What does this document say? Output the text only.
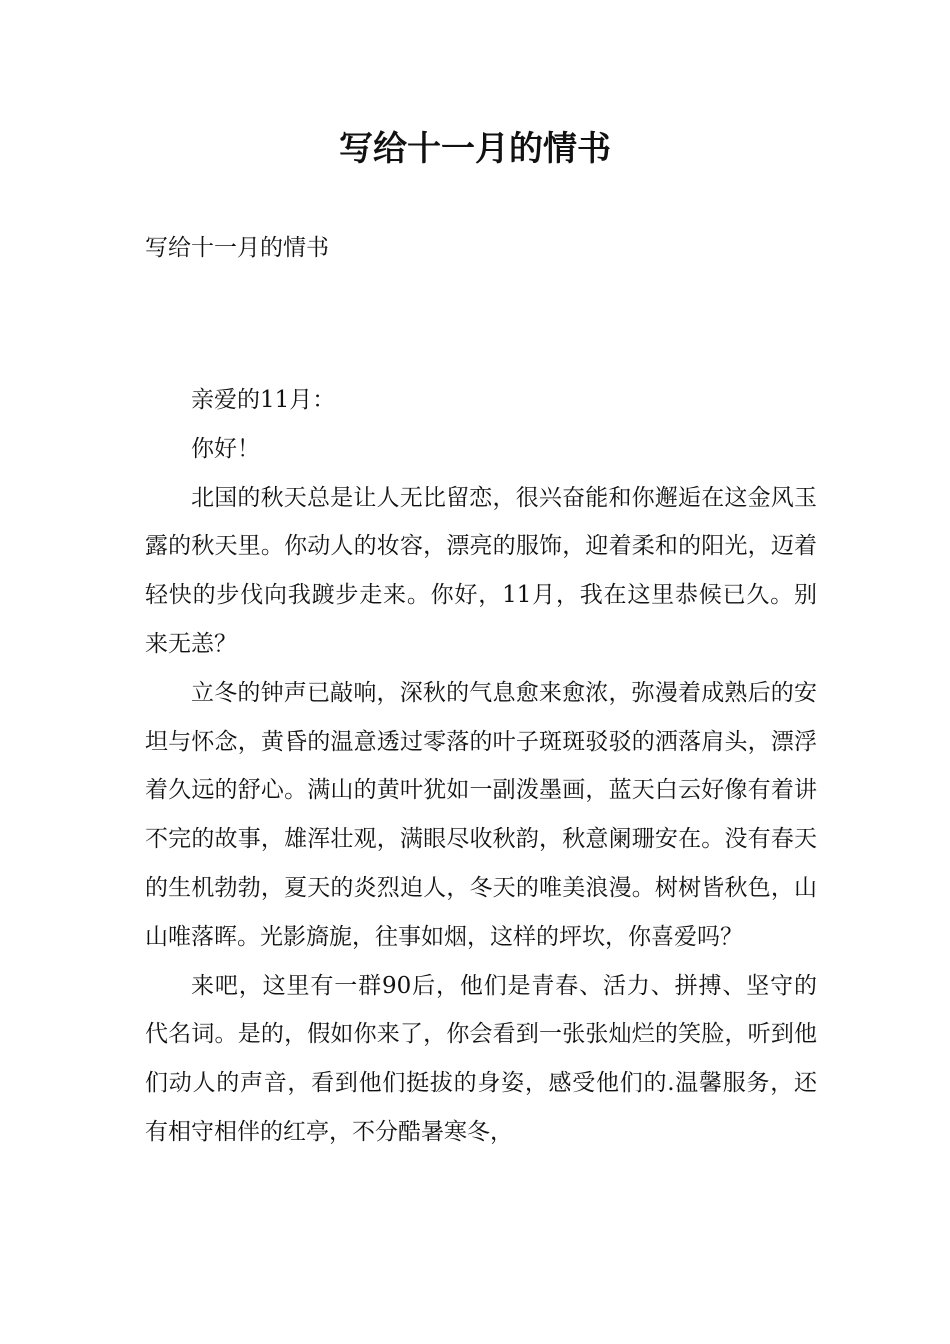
写给十一月的情书
写给十一月的情书

亲爱的11月：

你好！

北国的秋天总是让人无比留恋，很兴奋能和你邂逅在这金风玉露的秋天里。你动人的妆容，漂亮的服饰，迎着柔和的阳光，迈着轻快的步伐向我踱步走来。你好，11月，我在这里恭候已久。别来无恙？

立冬的钟声已敲响，深秋的气息愈来愈浓，弥漫着成熟后的安坦与怀念，黄昏的温意透过零落的叶子斑斑驳驳的洒落肩头，漂浮着久远的舒心。满山的黄叶犹如一副泼墨画，蓝天白云好像有着讲不完的故事，雄浑壮观，满眼尽收秋韵，秋意阑珊安在。没有春天的生机勃勃，夏天的炎烈迫人，冬天的唯美浪漫。树树皆秋色，山山唯落晖。光影旖旎，往事如烟，这样的坪坎，你喜爱吗？

来吧，这里有一群90后，他们是青春、活力、拼搏、坚守的代名词。是的，假如你来了，你会看到一张张灿烂的笑脸，听到他们动人的声音，看到他们挺拔的身姿，感受他们的.温馨服务，还有相守相伴的红亭，不分酷暑寒冬，
